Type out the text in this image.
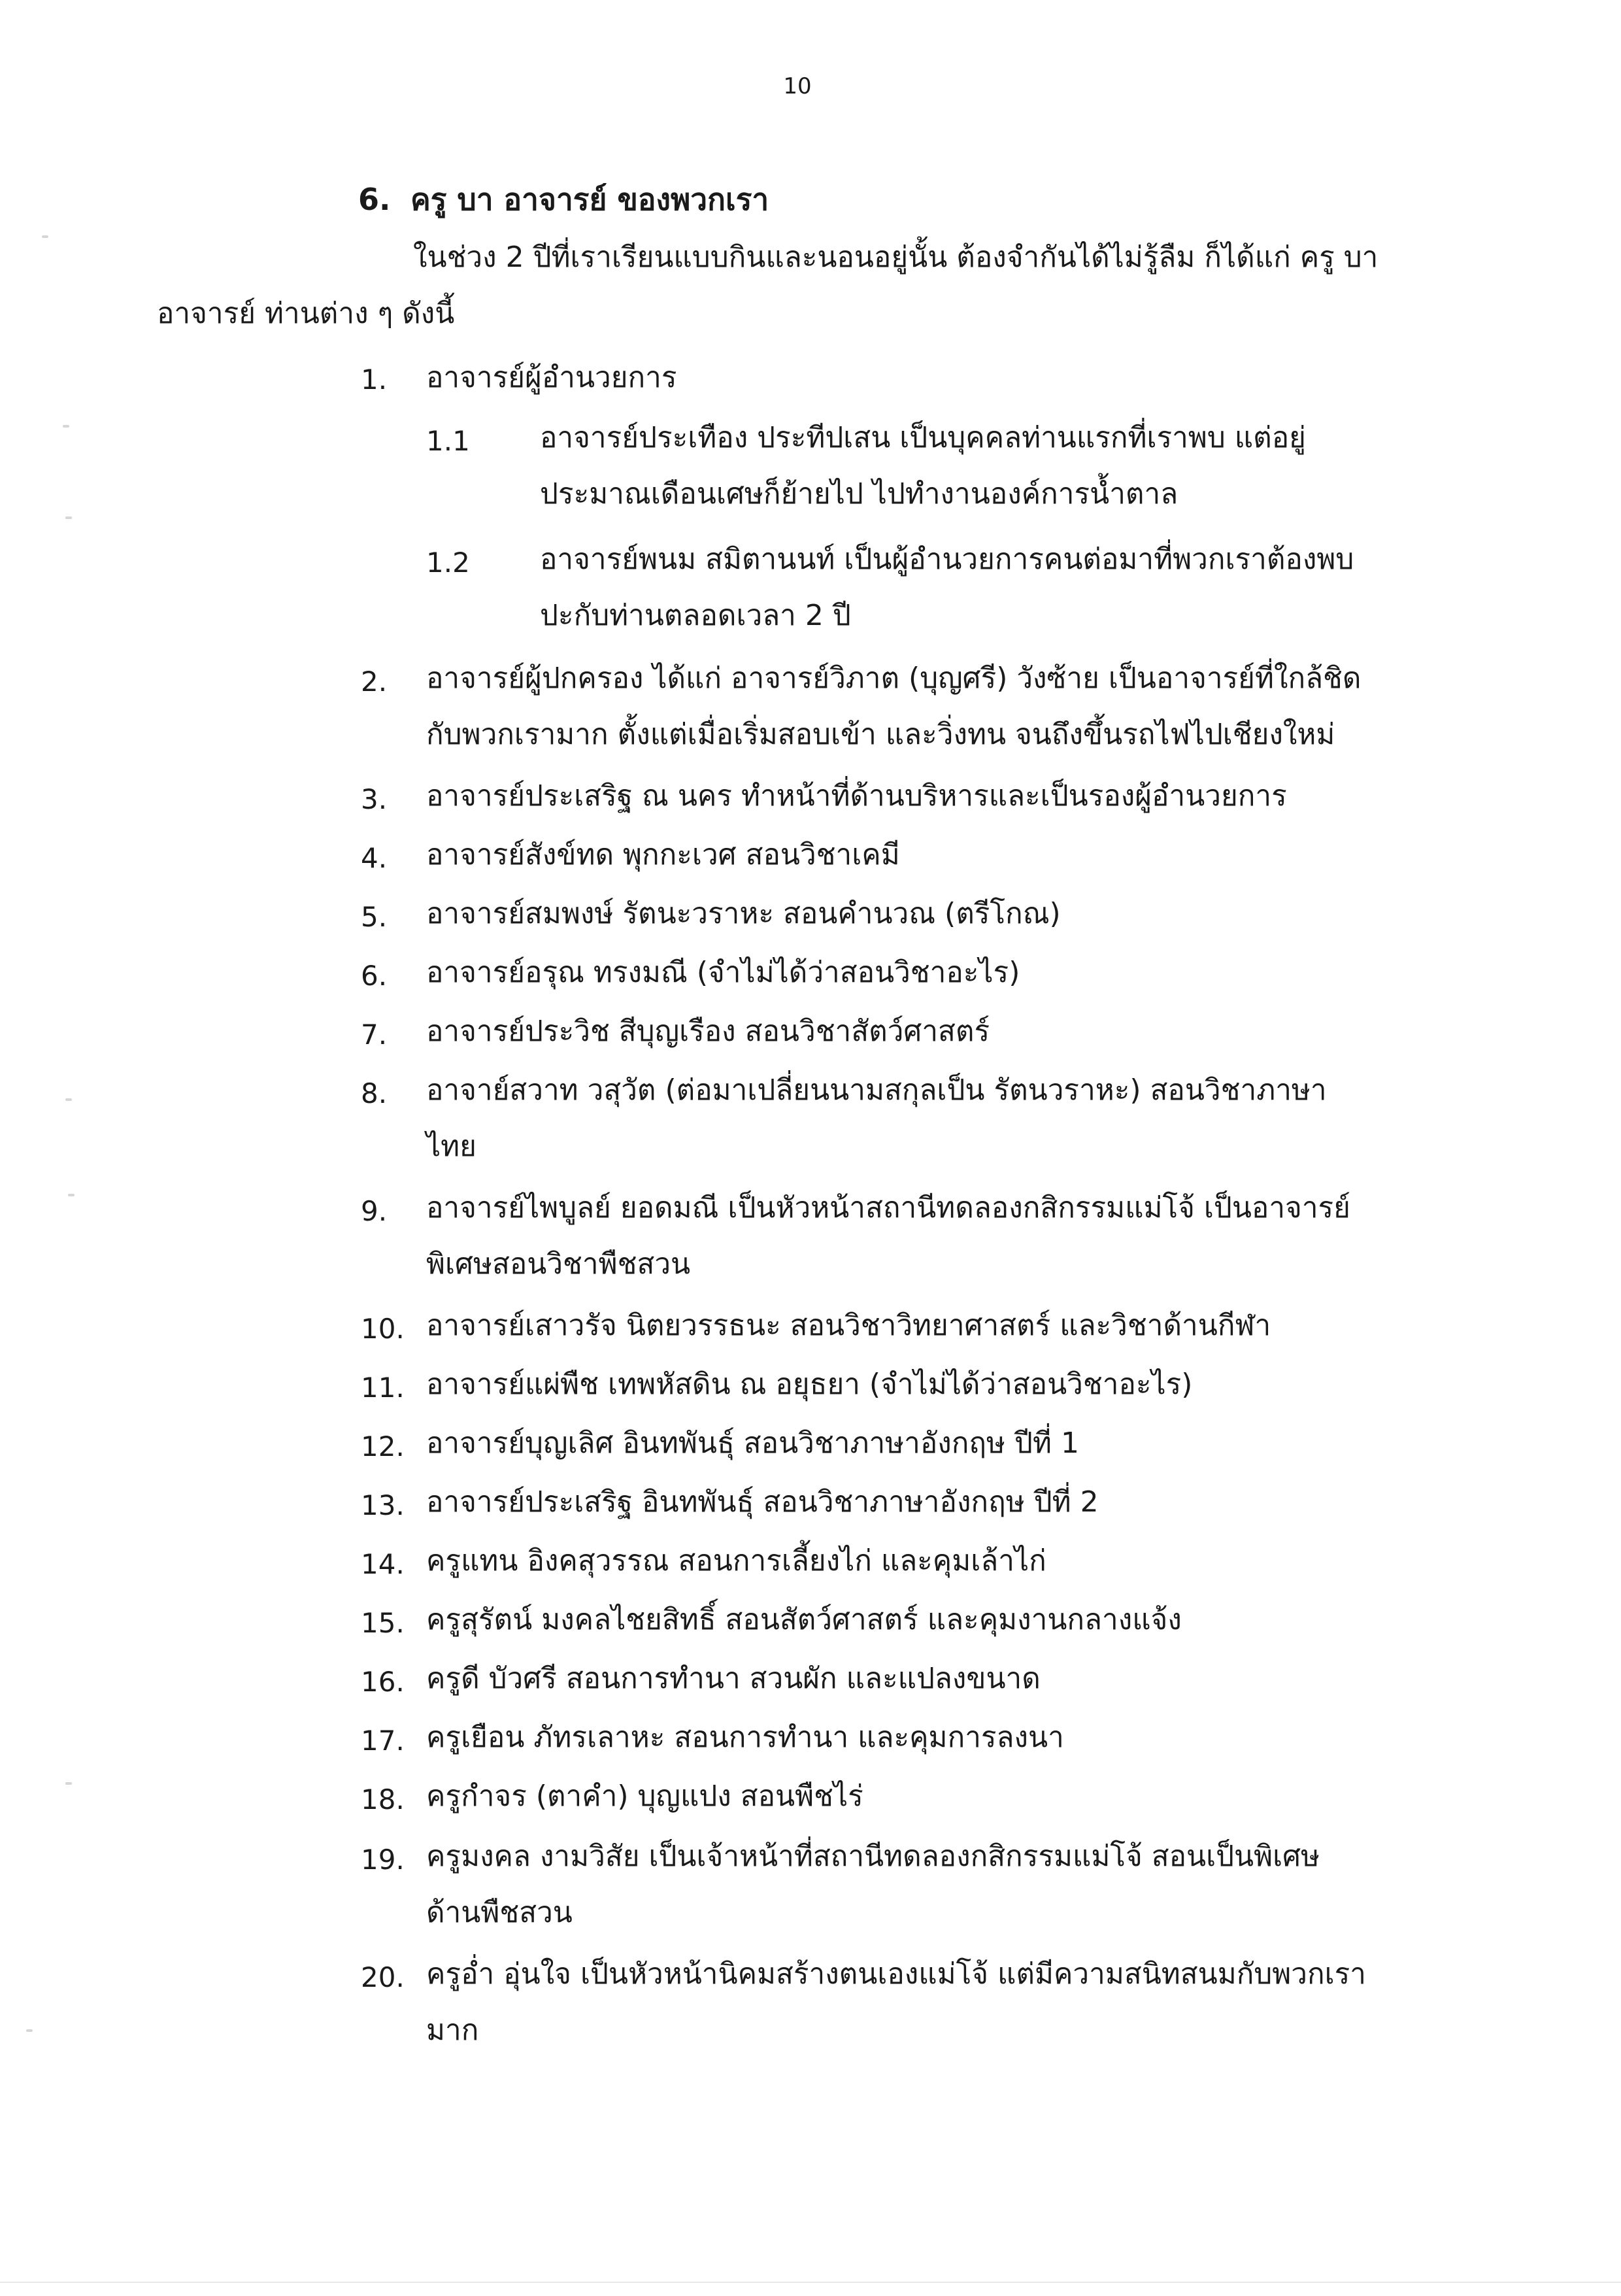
10
6. ครู บา อาจารย์ ของพวกเรา
ในช่วง 2 ปีที่เราเรียนแบบกินและนอนอยู่นั้น ต้องจำกันได้ไม่รู้ลืม ก็ได้แก่ ครู บา
อาจารย์ ท่านต่าง ๆ ดังนี้
1. อาจารย์ผู้อำนวยการ
1.1 อาจารย์ประเทือง ประทีปเสน เป็นบุคคลท่านแรกที่เราพบ แต่อยู่
ประมาณเดือนเศษก็ย้ายไป ไปทำงานองค์การน้ำตาล
1.2 อาจารย์พนม สมิตานนท์ เป็นผู้อำนวยการคนต่อมาที่พวกเราต้องพบ
ปะกับท่านตลอดเวลา 2 ปี
2. อาจารย์ผู้ปกครอง ได้แก่ อาจารย์วิภาต (บุญศรี) วังซ้าย เป็นอาจารย์ที่ใกล้ชิด
กับพวกเรามาก ตั้งแต่เมื่อเริ่มสอบเข้า และวิ่งทน จนถึงขึ้นรถไฟไปเชียงใหม่
3. อาจารย์ประเสริฐ ณ นคร ทำหน้าที่ด้านบริหารและเป็นรองผู้อำนวยการ
4. อาจารย์สังข์ทด พุกกะเวศ สอนวิชาเคมี
5. อาจารย์สมพงษ์ รัตนะวราหะ สอนคำนวณ (ตรีโกณ)
6. อาจารย์อรุณ ทรงมณี (จำไม่ได้ว่าสอนวิชาอะไร)
7. อาจารย์ประวิช สีบุญเรือง สอนวิชาสัตว์ศาสตร์
8. อาจาย์สวาท วสุวัต (ต่อมาเปลี่ยนนามสกุลเป็น รัตนวราหะ) สอนวิชาภาษา
ไทย
9. อาจารย์ไพบูลย์ ยอดมณี เป็นหัวหน้าสถานีทดลองกสิกรรมแม่โจ้ เป็นอาจารย์
พิเศษสอนวิชาพืชสวน
10. อาจารย์เสาวรัจ นิตยวรรธนะ สอนวิชาวิทยาศาสตร์ และวิชาด้านกีฬา
11. อาจารย์แผ่พืช เทพหัสดิน ณ อยุธยา (จำไม่ได้ว่าสอนวิชาอะไร)
12. อาจารย์บุญเลิศ อินทพันธุ์ สอนวิชาภาษาอังกฤษ ปีที่ 1
13. อาจารย์ประเสริฐ อินทพันธุ์ สอนวิชาภาษาอังกฤษ ปีที่ 2
14. ครูแทน อิงคสุวรรณ สอนการเลี้ยงไก่ และคุมเล้าไก่
15. ครูสุรัตน์ มงคลไชยสิทธิ์ สอนสัตว์ศาสตร์ และคุมงานกลางแจ้ง
16. ครูดี บัวศรี สอนการทำนา สวนผัก และแปลงขนาด
17. ครูเยือน ภัทรเลาหะ สอนการทำนา และคุมการลงนา
18. ครูกำจร (ตาคำ) บุญแปง สอนพืชไร่
19. ครูมงคล งามวิสัย เป็นเจ้าหน้าที่สถานีทดลองกสิกรรมแม่โจ้ สอนเป็นพิเศษ
ด้านพืชสวน
20. ครูอ่ำ อุ่นใจ เป็นหัวหน้านิคมสร้างตนเองแม่โจ้ แต่มีความสนิทสนมกับพวกเรา
มาก
